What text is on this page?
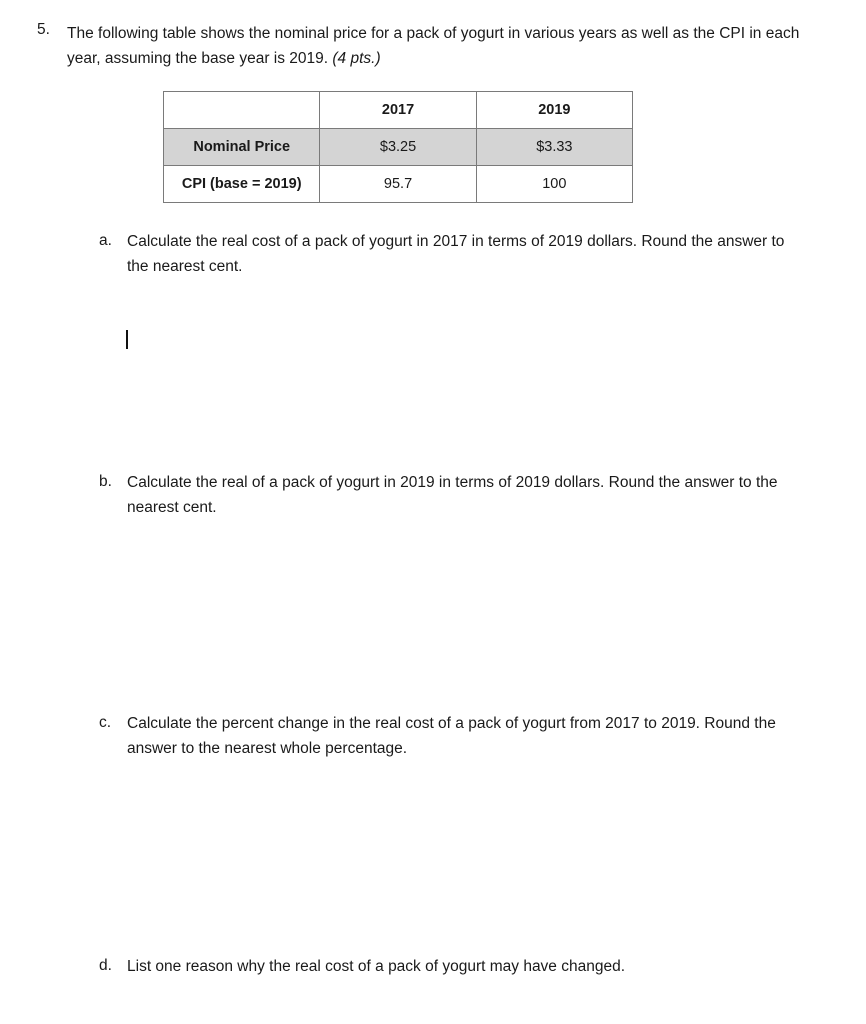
5. The following table shows the nominal price for a pack of yogurt in various years as well as the CPI in each year, assuming the base year is 2019. (4 pts.)
	2017	2019
Nominal Price	$3.25	$3.33
CPI (base = 2019)	95.7	100
a. Calculate the real cost of a pack of yogurt in 2017 in terms of 2019 dollars. Round the answer to the nearest cent.
b. Calculate the real of a pack of yogurt in 2019 in terms of 2019 dollars. Round the answer to the nearest cent.
c. Calculate the percent change in the real cost of a pack of yogurt from 2017 to 2019. Round the answer to the nearest whole percentage.
d. List one reason why the real cost of a pack of yogurt may have changed.
